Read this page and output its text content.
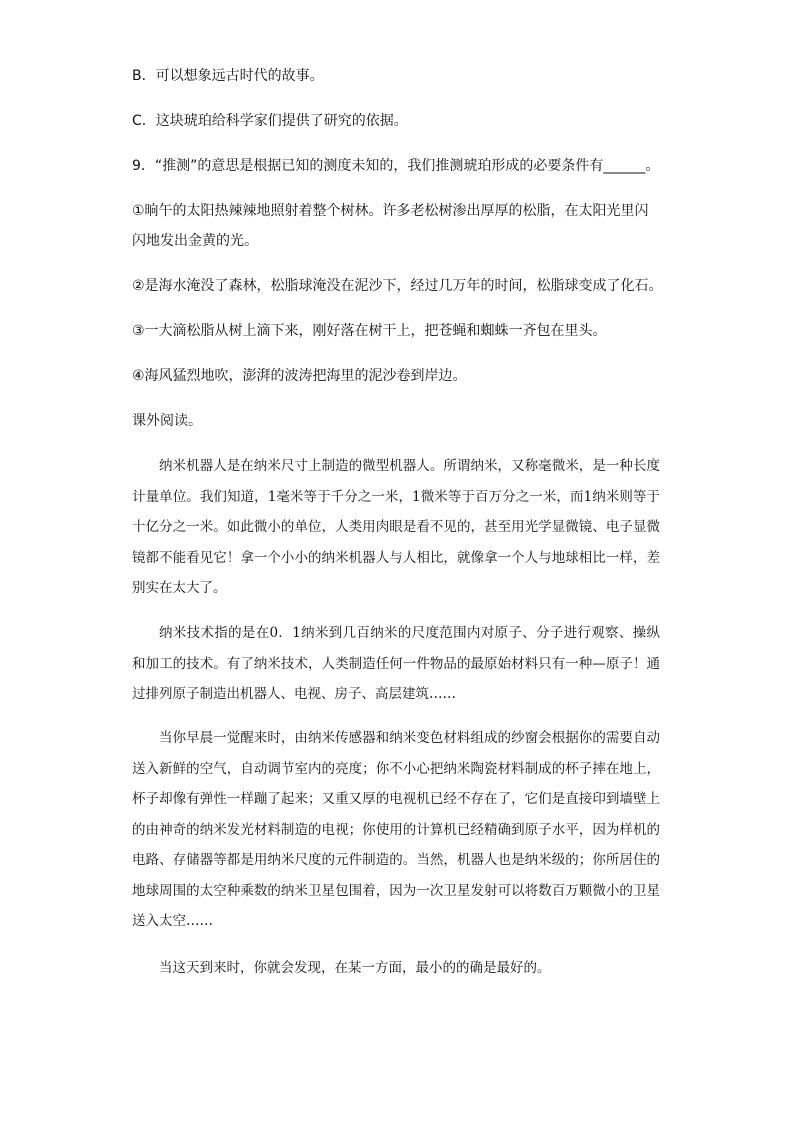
B．可以想象远古时代的故事。
C．这块琥珀给科学家们提供了研究的依据。
9．“推测”的意思是根据已知的测度未知的，我们推测琥珀形成的必要条件有______。
①晌午的太阳热辣辣地照射着整个树林。许多老松树渗出厚厚的松脂，在太阳光里闪
闪地发出金黄的光。
②是海水淹没了森林，松脂球淹没在泥沙下，经过几万年的时间，松脂球变成了化石。
③一大滴松脂从树上滴下来，刚好落在树干上，把苍蝇和蜘蛛一齐包在里头。
④海风猛烈地吹，澎湃的波涛把海里的泥沙卷到岸边。
课外阅读。

纳米机器人是在纳米尺寸上制造的微型机器人。所谓纳米，又称毫微米，是一种长度计量单位。我们知道，1毫米等于千分之一米，1微米等于百万分之一米，而1纳米则等于十亿分之一米。如此微小的单位，人类用肉眼是看不见的，甚至用光学显微镜、电子显微镜都不能看见它！拿一个小小的纳米机器人与人相比，就像拿一个人与地球相比一样，差别实在太大了。

纳米技术指的是在0．1纳米到几百纳米的尺度范围内对原子、分子进行观察、操纵和加工的技术。有了纳米技术，人类制造任何一件物品的最原始材料只有一种—原子！通过排列原子制造出机器人、电视、房子、高层建筑……

当你早晨一觉醒来时，由纳米传感器和纳米变色材料组成的纱窗会根据你的需要自动送入新鲜的空气，自动调节室内的亮度；你不小心把纳米陶瓷材料制成的杯子摔在地上，杯子却像有弹性一样蹦了起来；又重又厚的电视机已经不存在了，它们是直接印到墙壁上的由神奇的纳米发光材料制造的电视；你使用的计算机已经精确到原子水平，因为样机的电路、存储器等都是用纳米尺度的元件制造的。当然，机器人也是纳米级的；你所居住的地球周围的太空种乘数的纳米卫星包围着，因为一次卫星发射可以将数百万颗微小的卫星送入太空……

当这天到来时，你就会发现，在某一方面，最小的的确是最好的。
